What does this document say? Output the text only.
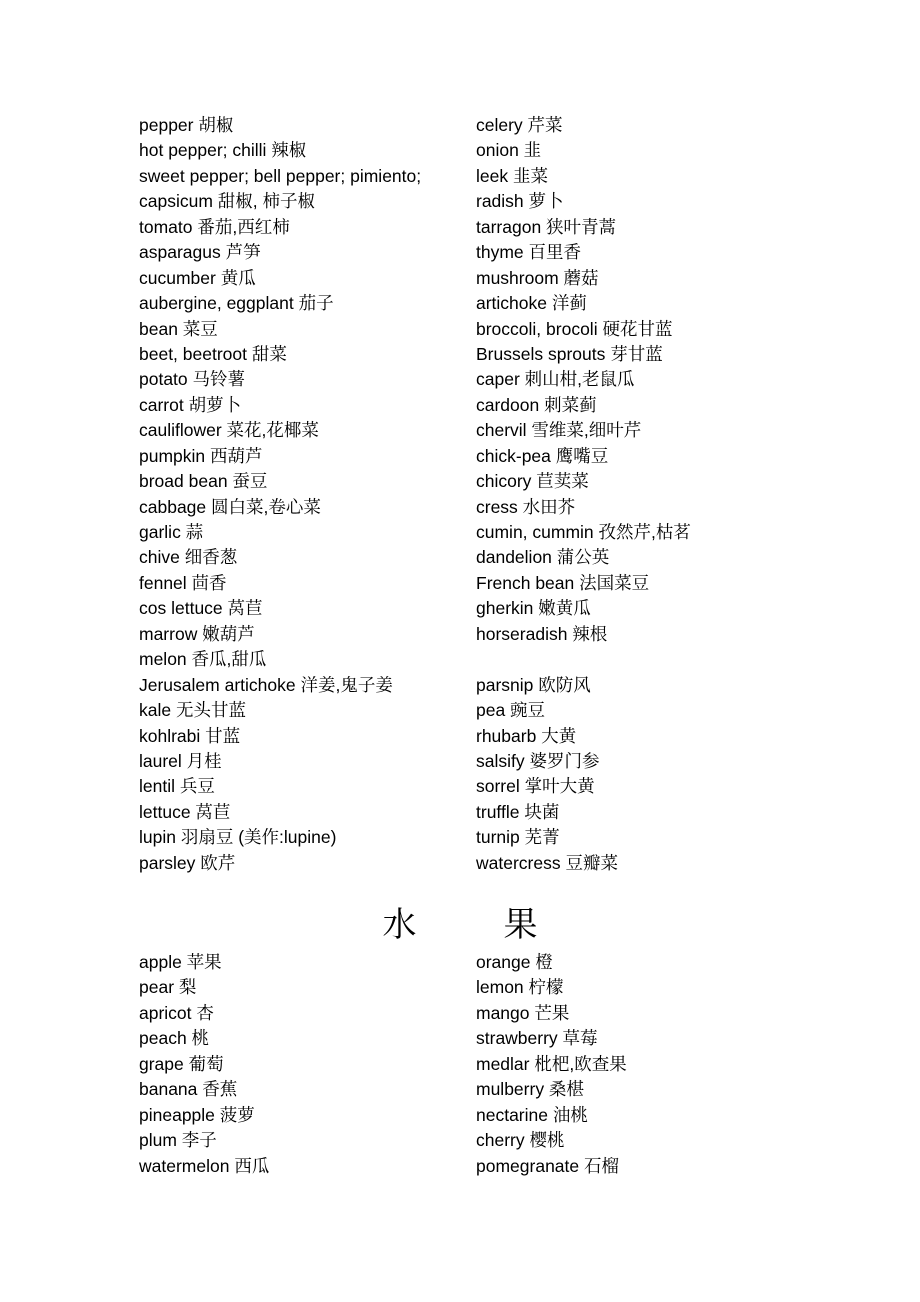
pepper 胡椒
hot pepper; chilli 辣椒
sweet pepper; bell pepper; pimiento;
capsicum 甜椒, 柿子椒
tomato 番茄,西红柿
asparagus 芦笋
cucumber 黄瓜
aubergine, eggplant 茄子
bean 菜豆
beet, beetroot 甜菜
potato 马铃薯
carrot 胡萝卜
cauliflower 菜花,花椰菜
pumpkin 西葫芦
broad bean 蚕豆
cabbage 圆白菜,卷心菜
garlic 蒜
chive 细香葱
fennel 茴香
cos lettuce 莴苣
marrow 嫩葫芦
melon 香瓜,甜瓜
Jerusalem artichoke 洋姜,鬼子姜
kale 无头甘蓝
kohlrabi 甘蓝
laurel 月桂
lentil 兵豆
lettuce 莴苣
lupin 羽扇豆 (美作:lupine)
parsley 欧芹
celery 芹菜
onion 韭
leek 韭菜
radish 萝卜
tarragon 狭叶青蒿
thyme 百里香
mushroom 蘑菇
artichoke 洋蓟
broccoli, brocoli 硬花甘蓝
Brussels sprouts 芽甘蓝
caper 刺山柑,老鼠瓜
cardoon 刺菜蓟
chervil 雪维菜,细叶芹
chick-pea 鹰嘴豆
chicory 苣荬菜
cress 水田芥
cumin, cummin 孜然芹,枯茗
dandelion 蒲公英
French bean 法国菜豆
gherkin 嫩黄瓜
horseradish 辣根
parsnip 欧防风
pea 豌豆
rhubarb 大黄
salsify 婆罗门参
sorrel 掌叶大黄
truffle 块菌
turnip 芜菁
watercress 豆瓣菜
水	果
apple 苹果
pear 梨
apricot 杏
peach 桃
grape 葡萄
banana 香蕉
pineapple 菠萝
plum 李子
watermelon 西瓜
orange 橙
lemon 柠檬
mango 芒果
strawberry 草莓
medlar 枇杷,欧查果
mulberry 桑椹
nectarine 油桃
cherry 樱桃
pomegranate 石榴
